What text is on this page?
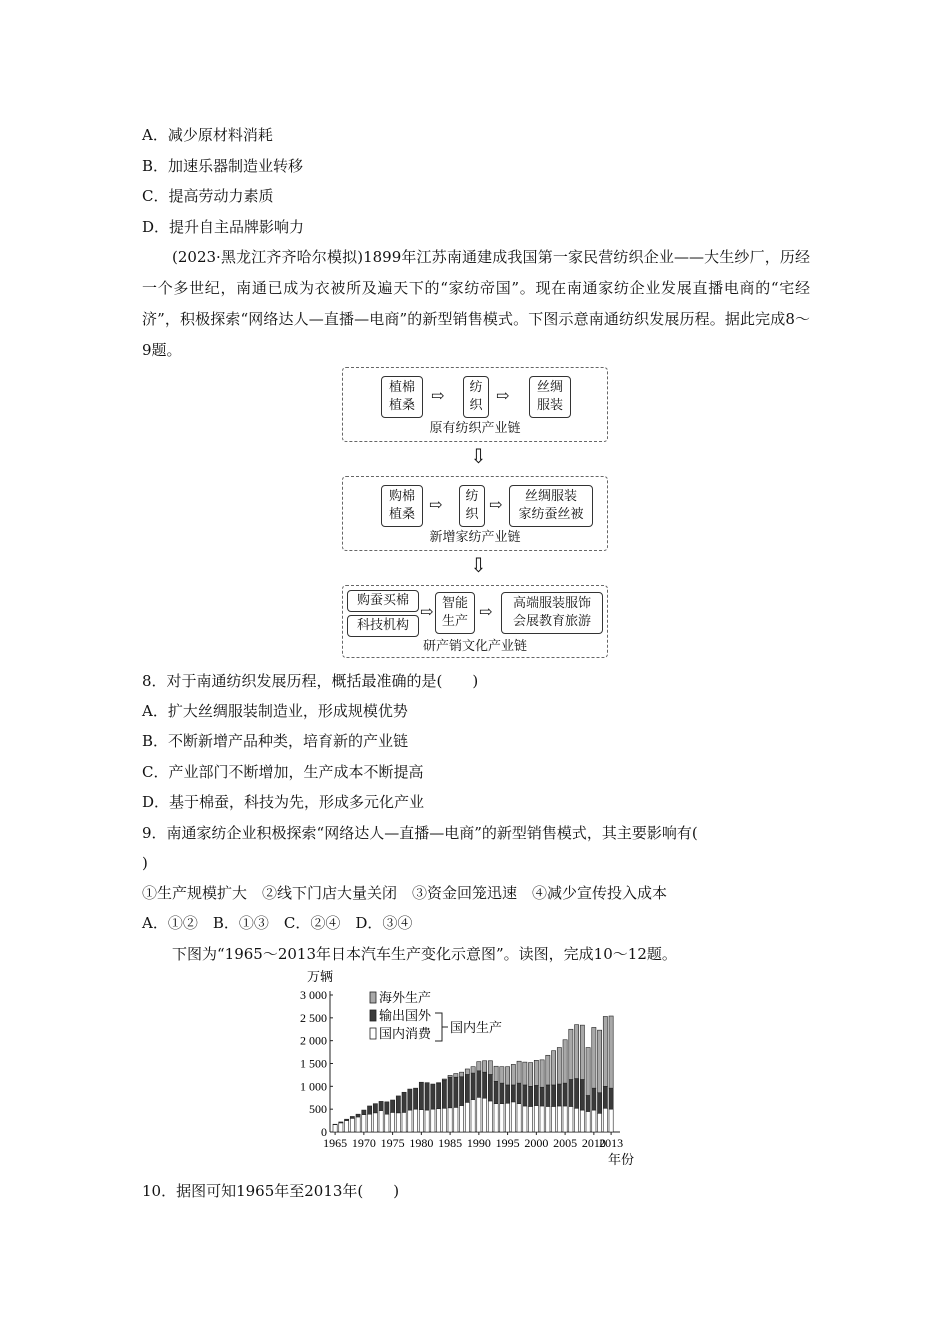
A．减少原材料消耗
B．加速乐器制造业转移
C．提高劳动力素质
D．提升自主品牌影响力
(2023·黑龙江齐齐哈尔模拟)1899年江苏南通建成我国第一家民营纺织企业——大生纱厂，历经一个多世纪，南通已成为衣被所及遍天下的“家纺帝国”。现在南通家纺企业发展直播电商的“宅经济”，积极探索“网络达人—直播—电商”的新型销售模式。下图示意南通纺织发展历程。据此完成8～9题。
植棉
植桑
⇨ 纺
织
⇨ 丝绸
服装
原有纺织产业链
⇩
购棉
植桑
⇨ 纺
织
⇨ 丝绸服装
家纺蚕丝被
新增家纺产业链
⇩
购蚕买棉
科技机构
⇨ 智能
生产
⇨ 高端服装服饰
会展教育旅游
研产销文化产业链
8．对于南通纺织发展历程，概括最准确的是(　　)
A．扩大丝绸服装制造业，形成规模优势
B．不断新增产品种类，培育新的产业链
C．产业部门不断增加，生产成本不断提高
D．基于棉蚕，科技为先，形成多元化产业
9．南通家纺企业积极探索“网络达人—直播—电商”的新型销售模式，其主要影响有(
)
①生产规模扩大　②线下门店大量关闭　③资金回笼迅速　④减少宣传投入成本
A．①②　B．①③　C．②④　D．③④
下图为“1965～2013年日本汽车生产变化示意图”。读图，完成10～12题。
0
500
1 000
1 500
2 000
2 500
3 000
万辆
1965 1970 1975 1980 1985 1990 1995 2000 2005 2010
2013
年份
海外生产
输出国外
国内消费 国内生产
10．据图可知1965年至2013年(　　)
